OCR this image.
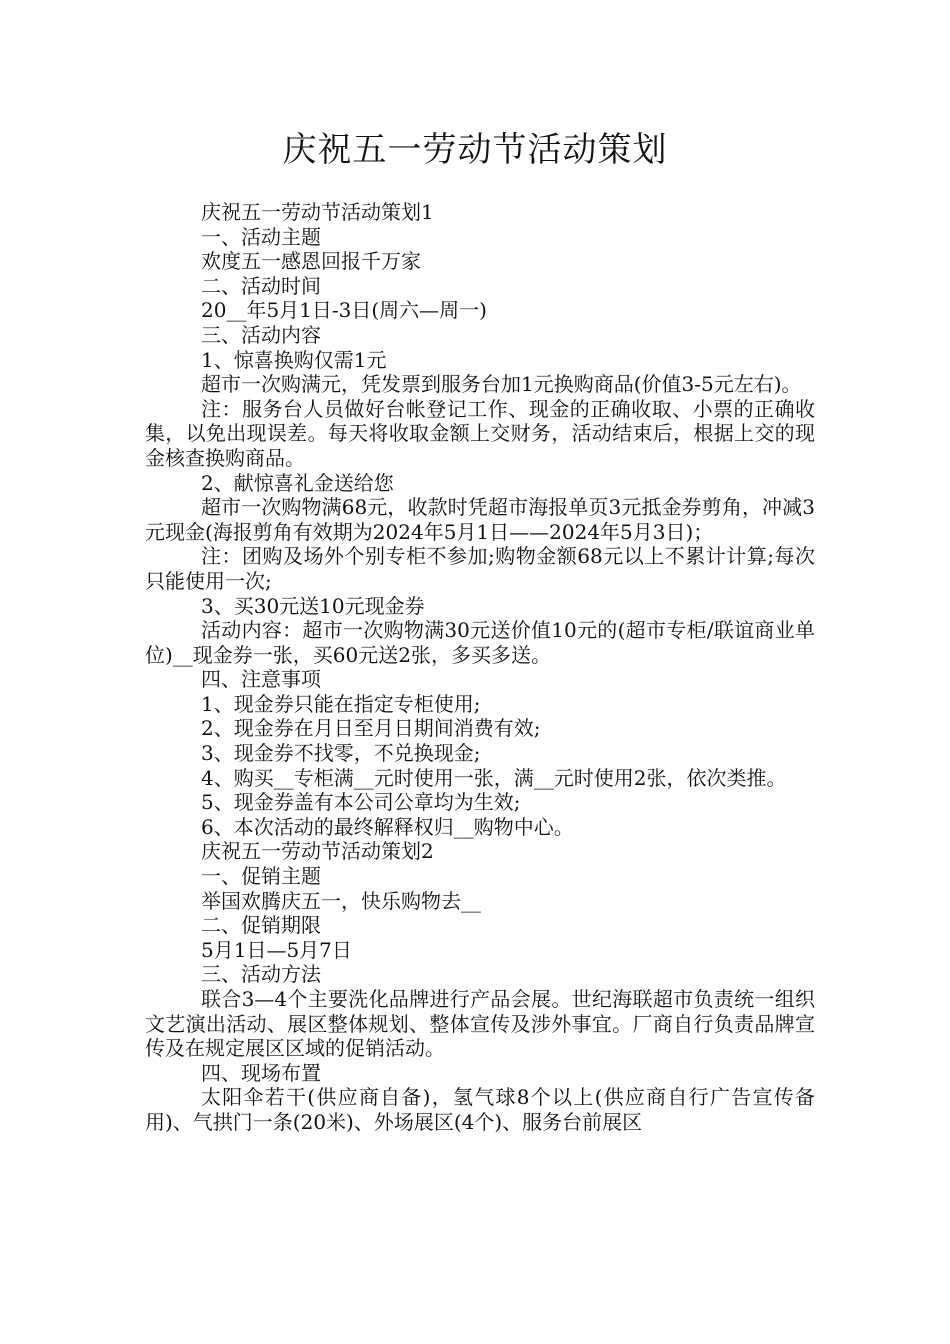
庆祝五一劳动节活动策划

庆祝五一劳动节活动策划1

一、活动主题

欢度五一感恩回报千万家

二、活动时间

20__年5月1日-3日(周六—周一)

三、活动内容

1、惊喜换购仅需1元

超市一次购满元，凭发票到服务台加1元换购商品(价值3-5元左右)。

注：服务台人员做好台帐登记工作、现金的正确收取、小票的正确收集，以免出现误差。每天将收取金额上交财务，活动结束后，根据上交的现金核查换购商品。

2、献惊喜礼金送给您

超市一次购物满68元，收款时凭超市海报单页3元抵金券剪角，冲减3元现金(海报剪角有效期为2024年5月1日——2024年5月3日)；

注：团购及场外个别专柜不参加;购物金额68元以上不累计计算;每次只能使用一次;

3、买30元送10元现金券

活动内容：超市一次购物满30元送价值10元的(超市专柜/联谊商业单位)__现金券一张，买60元送2张，多买多送。

四、注意事项

1、现金券只能在指定专柜使用;

2、现金券在月日至月日期间消费有效;

3、现金券不找零，不兑换现金;

4、购买__专柜满__元时使用一张，满__元时使用2张，依次类推。

5、现金券盖有本公司公章均为生效;

6、本次活动的最终解释权归__购物中心。

庆祝五一劳动节活动策划2

一、促销主题

举国欢腾庆五一，快乐购物去__

二、促销期限

5月1日—5月7日

三、活动方法

联合3—4个主要洗化品牌进行产品会展。世纪海联超市负责统一组织文艺演出活动、展区整体规划、整体宣传及涉外事宜。厂商自行负责品牌宣传及在规定展区区域的促销活动。

四、现场布置

太阳伞若干(供应商自备)，氢气球8个以上(供应商自行广告宣传备用)、气拱门一条(20米)、外场展区(4个)、服务台前展区
